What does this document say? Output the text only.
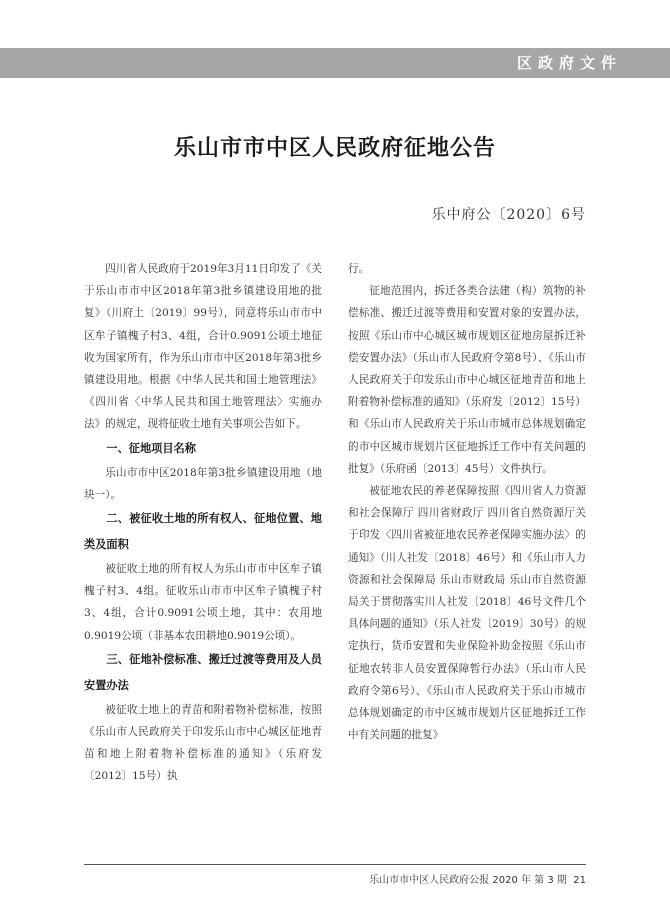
区政府文件
乐山市市中区人民政府征地公告
乐中府公〔2020〕6号

四川省人民政府于2019年3月11日印发了《关于乐山市市中区2018年第3批乡镇建设用地的批复》（川府土〔2019〕99号），同意将乐山市市中区牟子镇槐子村3、4组，合计0.9091公顷土地征收为国家所有，作为乐山市市中区2018年第3批乡镇建设用地。根据《中华人民共和国土地管理法》《四川省〈中华人民共和国土地管理法〉实施办法》的规定，现将征收土地有关事项公告如下。

一、征地项目名称

乐山市市中区2018年第3批乡镇建设用地（地块一）。

二、被征收土地的所有权人、征地位置、地类及面积

被征收土地的所有权人为乐山市市中区牟子镇槐子村3、4组。征收乐山市市中区牟子镇槐子村3、4组，合计0.9091公顷土地，其中：农用地0.9019公顷（非基本农田耕地0.9019公顷）。

三、征地补偿标准、搬迁过渡等费用及人员安置办法

被征收土地上的青苗和附着物补偿标准，按照《乐山市人民政府关于印发乐山市中心城区征地青苗和地上附着物补偿标准的通知》（乐府发〔2012〕15号）执

行。

征地范围内，拆迁各类合法建（构）筑物的补偿标准、搬迁过渡等费用和安置对象的安置办法，按照《乐山市中心城区城市规划区征地房屋拆迁补偿安置办法》（乐山市人民政府令第8号）、《乐山市人民政府关于印发乐山市中心城区征地青苗和地上附着物补偿标准的通知》（乐府发〔2012〕15号）和《乐山市人民政府关于乐山市城市总体规划确定的市中区城市规划片区征地拆迁工作中有关问题的批复》（乐府函〔2013〕45号）文件执行。

被征地农民的养老保障按照《四川省人力资源和社会保障厅 四川省财政厅 四川省自然资源厅关于印发〈四川省被征地农民养老保障实施办法〉的通知》（川人社发〔2018〕46号）和《乐山市人力资源和社会保障局 乐山市财政局 乐山市自然资源局关于贯彻落实川人社发〔2018〕46号文件几个具体问题的通知》（乐人社发〔2019〕30号）的规定执行，货币安置和失业保险补助金按照《乐山市征地农转非人员安置保障暂行办法》（乐山市人民政府令第6号）、《乐山市人民政府关于乐山市城市总体规划确定的市中区城市规划片区征地拆迁工作中有关问题的批复》

乐山市市中区人民政府公报 2020 年 第 3 期 21
